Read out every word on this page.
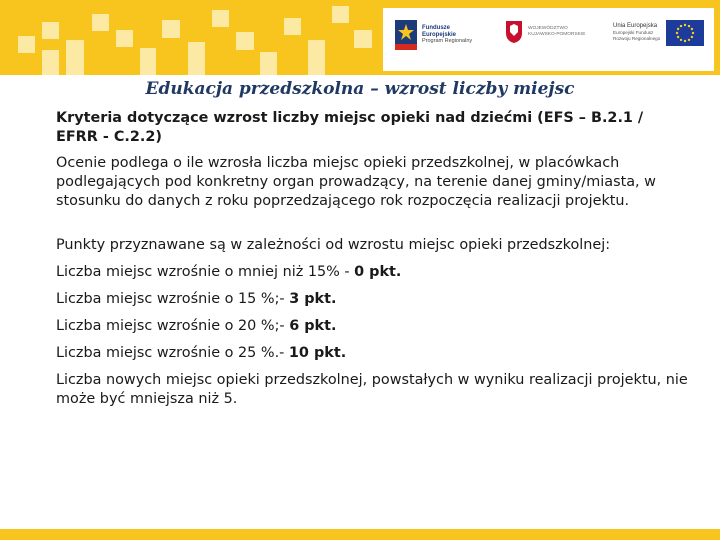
Fundusze
Europejskie
Program Regionalny
WOJEWÓDZTWO
KUJAWSKO-POMORSKIE
Unia Europejska
Europejski Fundusz
Rozwoju Regionalnego
Edukacja przedszkolna – wzrost liczby miejsc

Kryteria dotyczące wzrost liczby miejsc opieki nad dziećmi (EFS – B.2.1 / EFRR - C.2.2)

Ocenie podlega o ile wzrosła liczba miejsc opieki przedszkolnej, w placówkach podlegających pod konkretny organ prowadzący, na terenie danej gminy/miasta, w stosunku do danych z roku poprzedzającego rok rozpoczęcia realizacji projektu.

Punkty przyznawane są w zależności od wzrostu miejsc opieki przedszkolnej:

Liczba miejsc wzrośnie o mniej niż 15% - 0 pkt.

Liczba miejsc wzrośnie o 15 %;- 3 pkt.

Liczba miejsc wzrośnie o 20 %;- 6 pkt.

Liczba miejsc wzrośnie o 25 %.- 10 pkt.

Liczba nowych miejsc opieki przedszkolnej, powstałych w wyniku realizacji projektu, nie może być mniejsza niż 5.
